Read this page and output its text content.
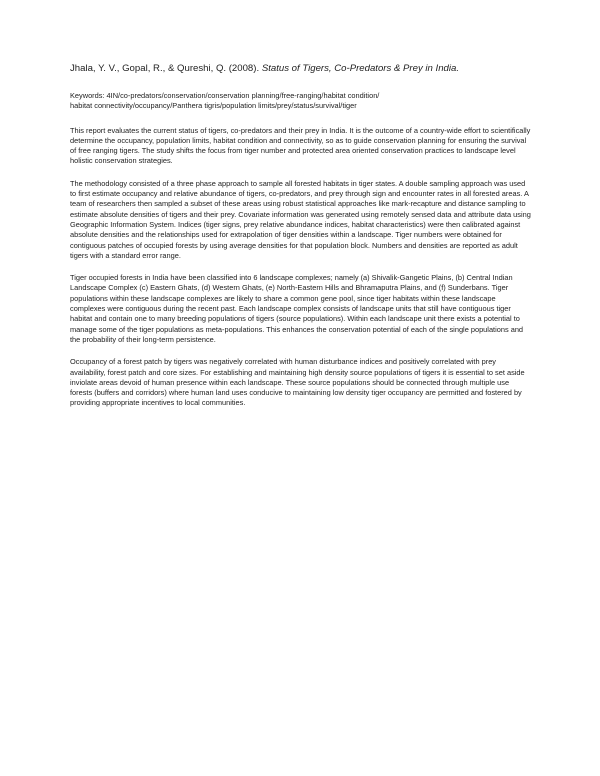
Jhala, Y. V., Gopal, R., & Qureshi, Q. (2008). Status of Tigers, Co-Predators & Prey in India.

Keywords: 4IN/co-predators/conservation/conservation planning/free-ranging/habitat condition/
habitat connectivity/occupancy/Panthera tigris/population limits/prey/status/survival/tiger

This report evaluates the current status of tigers, co-predators and their prey in India. It is the outcome of a country-wide effort to scientifically determine the occupancy, population limits, habitat condition and connectivity, so as to guide conservation planning for ensuring the survival of free ranging tigers. The study shifts the focus from tiger number and protected area oriented conservation practices to landscape level holistic conservation strategies.

The methodology consisted of a three phase approach to sample all forested habitats in tiger states. A double sampling approach was used to first estimate occupancy and relative abundance of tigers, co-predators, and prey through sign and encounter rates in all forested areas. A team of researchers then sampled a subset of these areas using robust statistical approaches like mark-recapture and distance sampling to estimate absolute densities of tigers and their prey. Covariate information was generated using remotely sensed data and attribute data using Geographic Information System. Indices (tiger signs, prey relative abundance indices, habitat characteristics) were then calibrated against absolute densities and the relationships used for extrapolation of tiger densities within a landscape. Tiger numbers were obtained for contiguous patches of occupied forests by using average densities for that population block. Numbers and densities are reported as adult tigers with a standard error range.

Tiger occupied forests in India have been classified into 6 landscape complexes; namely (a) Shivalik-Gangetic Plains, (b) Central Indian Landscape Complex (c) Eastern Ghats, (d) Western Ghats, (e) North-Eastern Hills and Bhramaputra Plains, and (f) Sunderbans. Tiger populations within these landscape complexes are likely to share a common gene pool, since tiger habitats within these landscape complexes were contiguous during the recent past. Each landscape complex consists of landscape units that still have contiguous tiger habitat and contain one to many breeding populations of tigers (source populations). Within each landscape unit there exists a potential to manage some of the tiger populations as meta-populations. This enhances the conservation potential of each of the single populations and the probability of their long-term persistence.

Occupancy of a forest patch by tigers was negatively correlated with human disturbance indices and positively correlated with prey availability, forest patch and core sizes. For establishing and maintaining high density source populations of tigers it is essential to set aside inviolate areas devoid of human presence within each landscape. These source populations should be connected through multiple use forests (buffers and corridors) where human land uses conducive to maintaining low density tiger occupancy are permitted and fostered by providing appropriate incentives to local communities.
